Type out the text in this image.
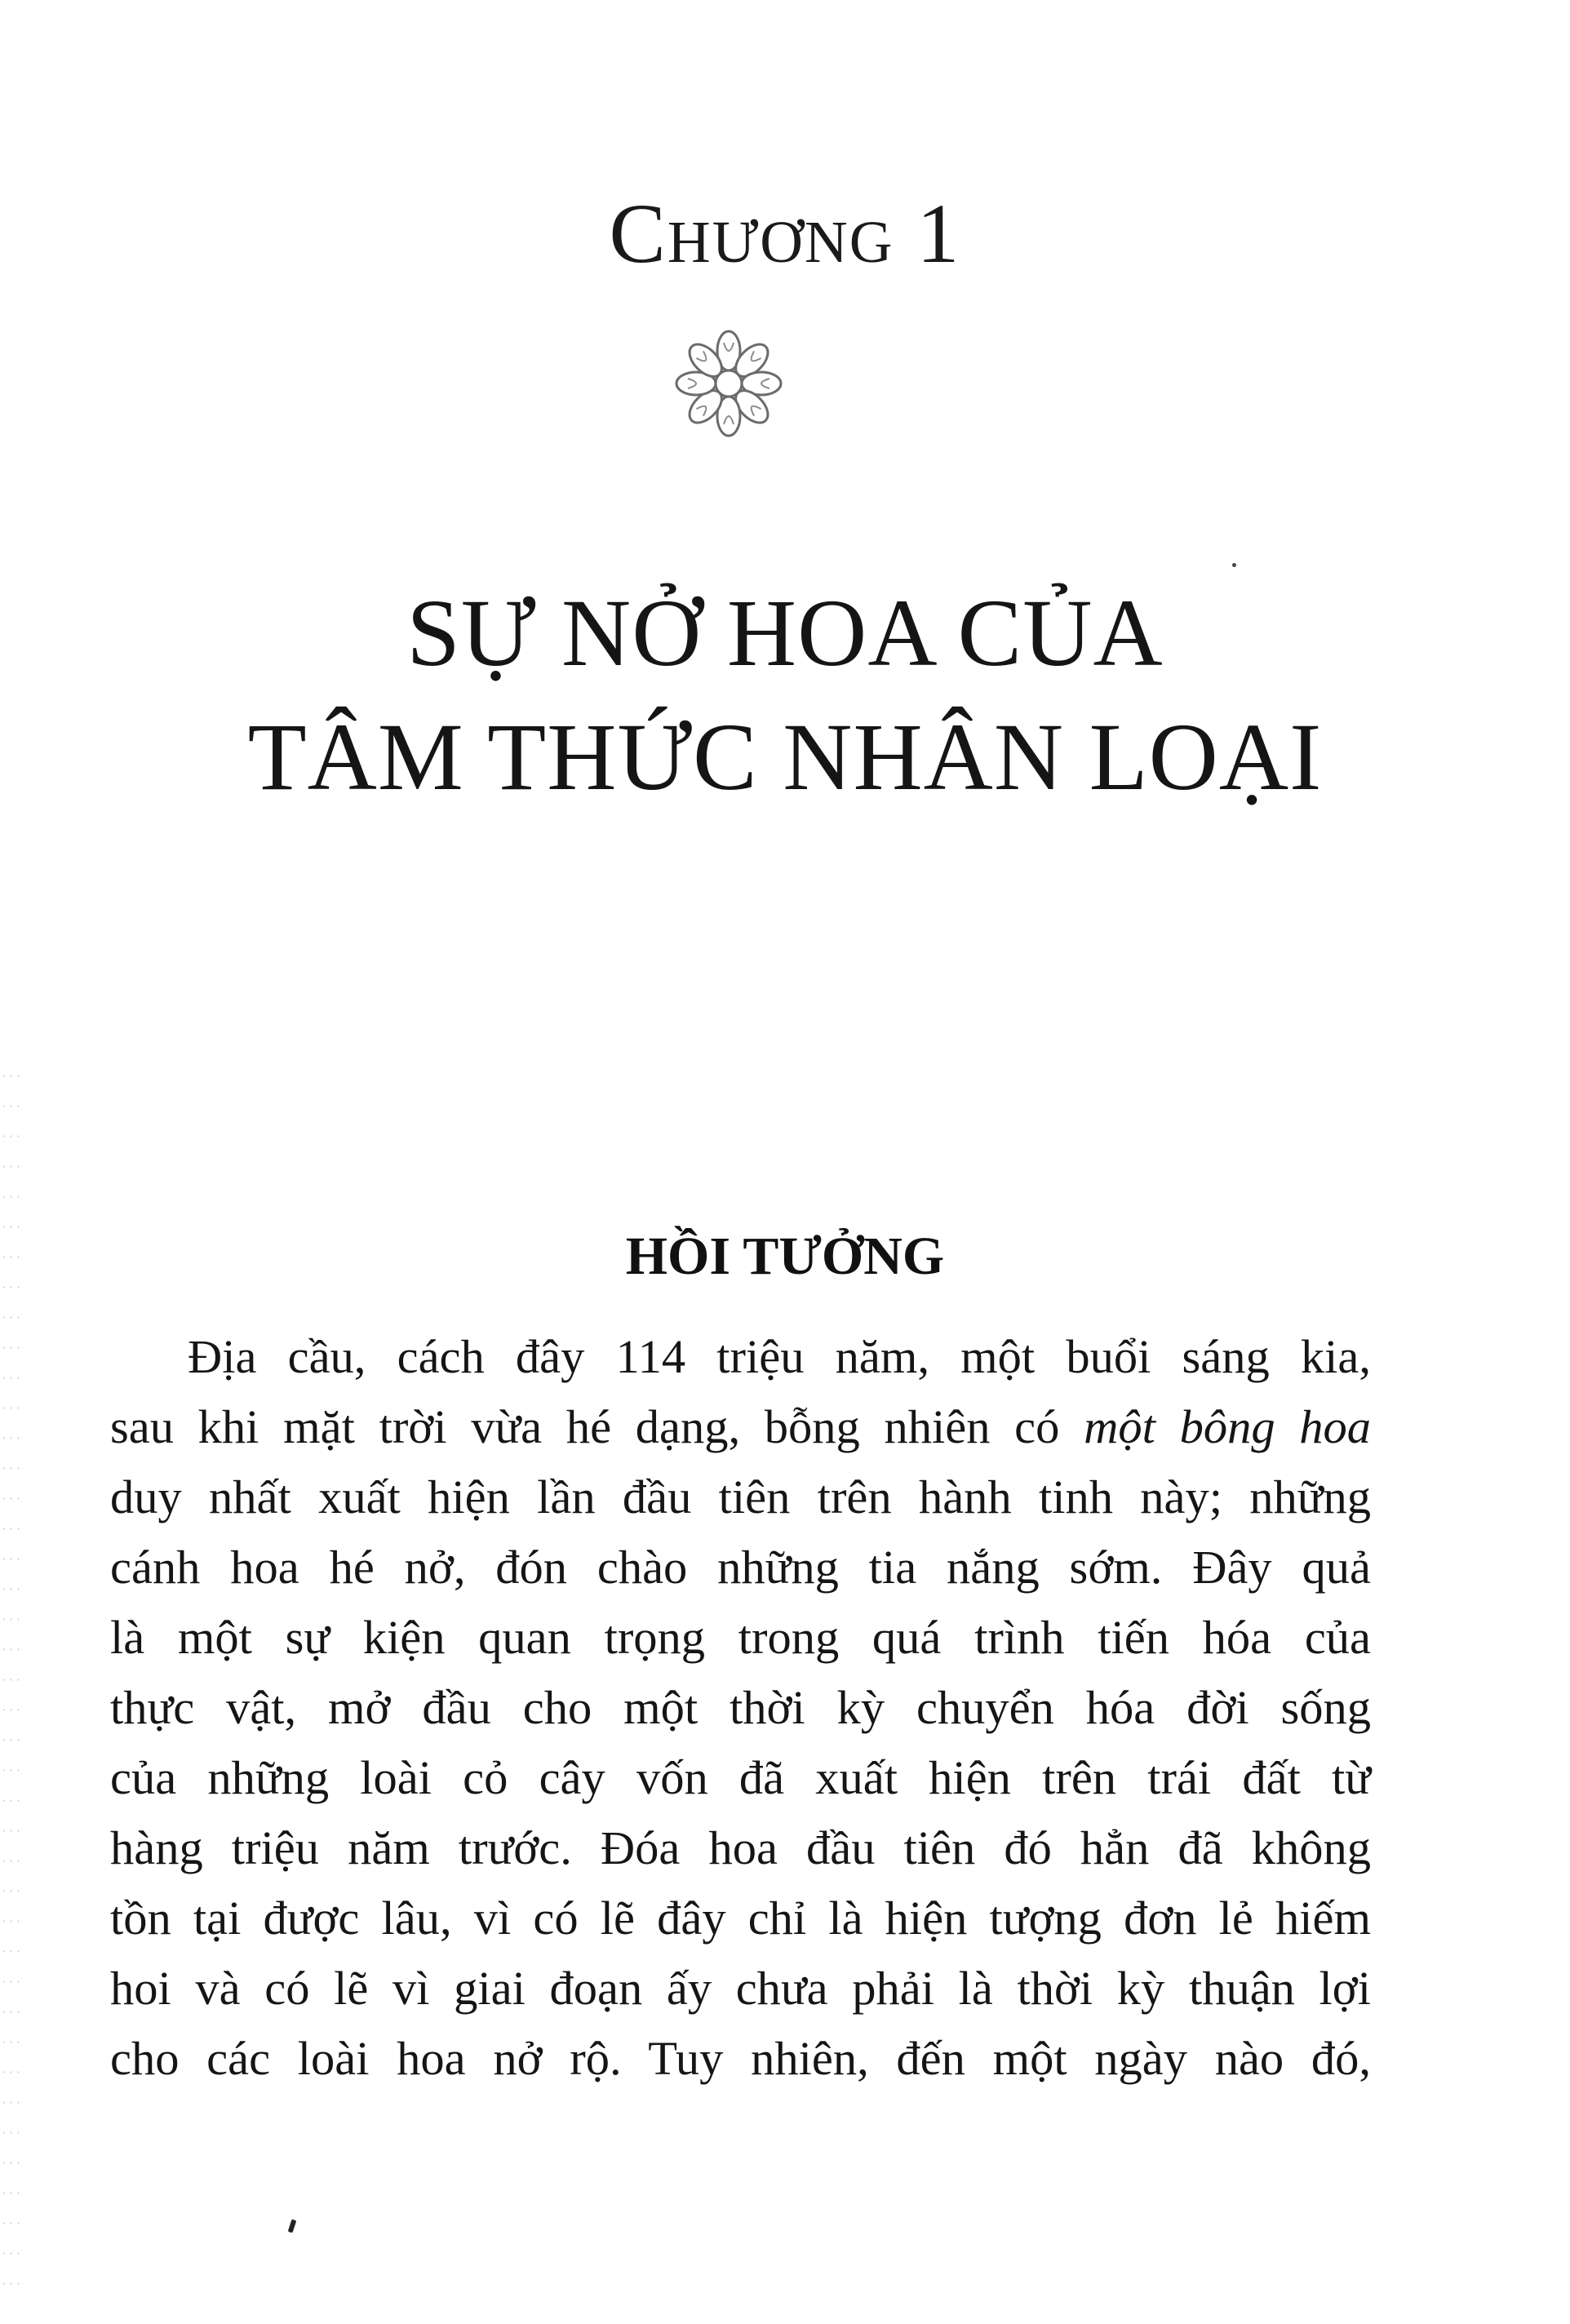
Chương 1
SỰ NỞ HOA CỦA
TÂM THỨC NHÂN LOẠI
HỒI TƯỞNG
Địa cầu, cách đây 114 triệu năm, một buổi sáng kia,
sau khi mặt trời vừa hé dạng, bỗng nhiên có một bông hoa
duy nhất xuất hiện lần đầu tiên trên hành tinh này; những
cánh hoa hé nở, đón chào những tia nắng sớm. Đây quả
là một sự kiện quan trọng trong quá trình tiến hóa của
thực vật, mở đầu cho một thời kỳ chuyển hóa đời sống
của những loài cỏ cây vốn đã xuất hiện trên trái đất từ
hàng triệu năm trước. Đóa hoa đầu tiên đó hẳn đã không
tồn tại được lâu, vì có lẽ đây chỉ là hiện tượng đơn lẻ hiếm
hoi và có lẽ vì giai đoạn ấy chưa phải là thời kỳ thuận lợi
cho các loài hoa nở rộ. Tuy nhiên, đến một ngày nào đó,
